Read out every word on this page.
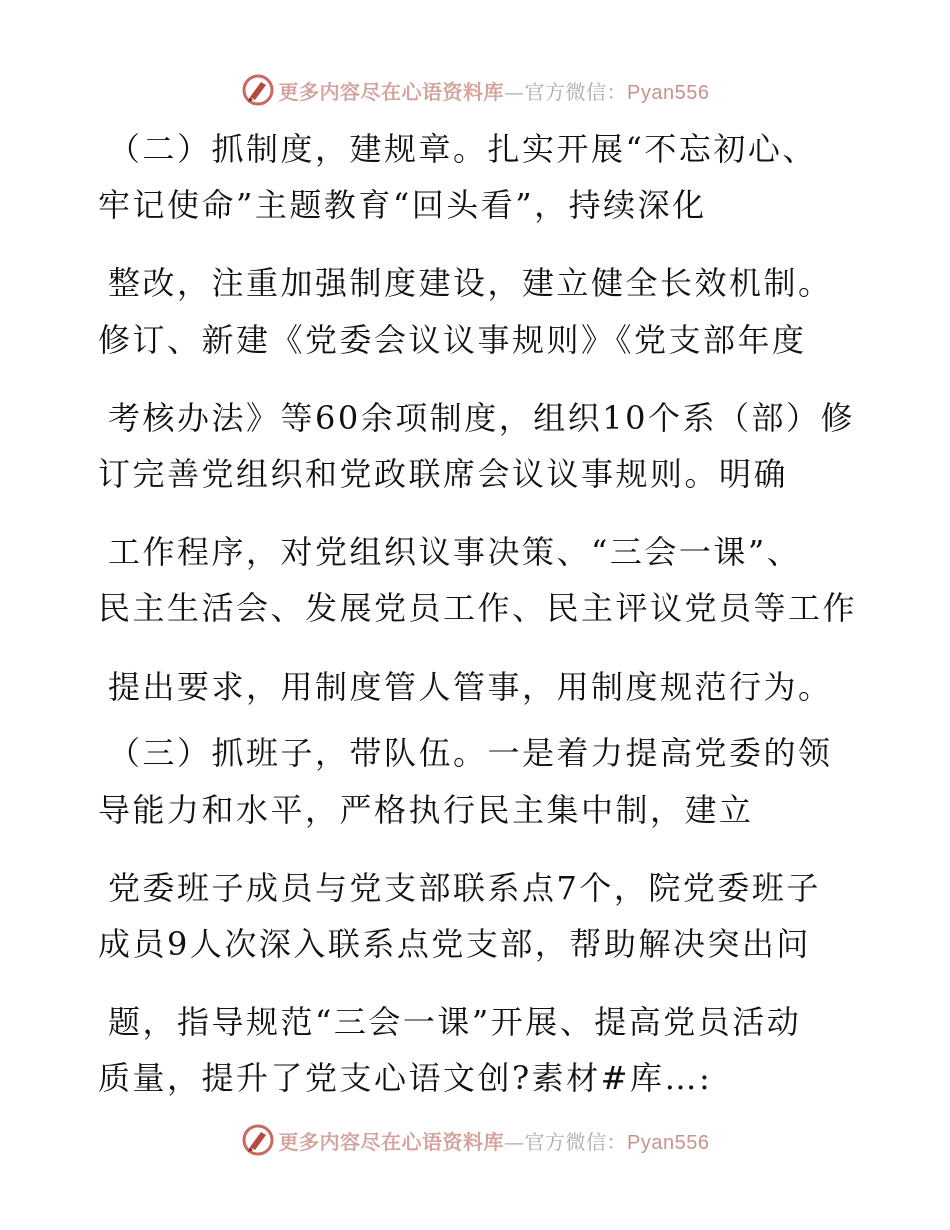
更多内容尽在心语资料库—官方微信：Pyan556
（二）抓制度，建规章。扎实开展“不忘初心、
牢记使命”主题教育“回头看”，持续深化
整改，注重加强制度建设，建立健全长效机制。
修订、新建《党委会议议事规则》《党支部年度
考核办法》等60余项制度，组织10个系（部）修
订完善党组织和党政联席会议议事规则。明确
工作程序，对党组织议事决策、“三会一课”、
民主生活会、发展党员工作、民主评议党员等工作
提出要求，用制度管人管事，用制度规范行为。
（三）抓班子，带队伍。一是着力提高党委的领
导能力和水平，严格执行民主集中制，建立
党委班子成员与党支部联系点7个，院党委班子
成员9人次深入联系点党支部，帮助解决突出问
题，指导规范“三会一课”开展、提高党员活动
质量，提升了党支心语文创?素材#库…:
更多内容尽在心语资料库—官方微信：Pyan556
